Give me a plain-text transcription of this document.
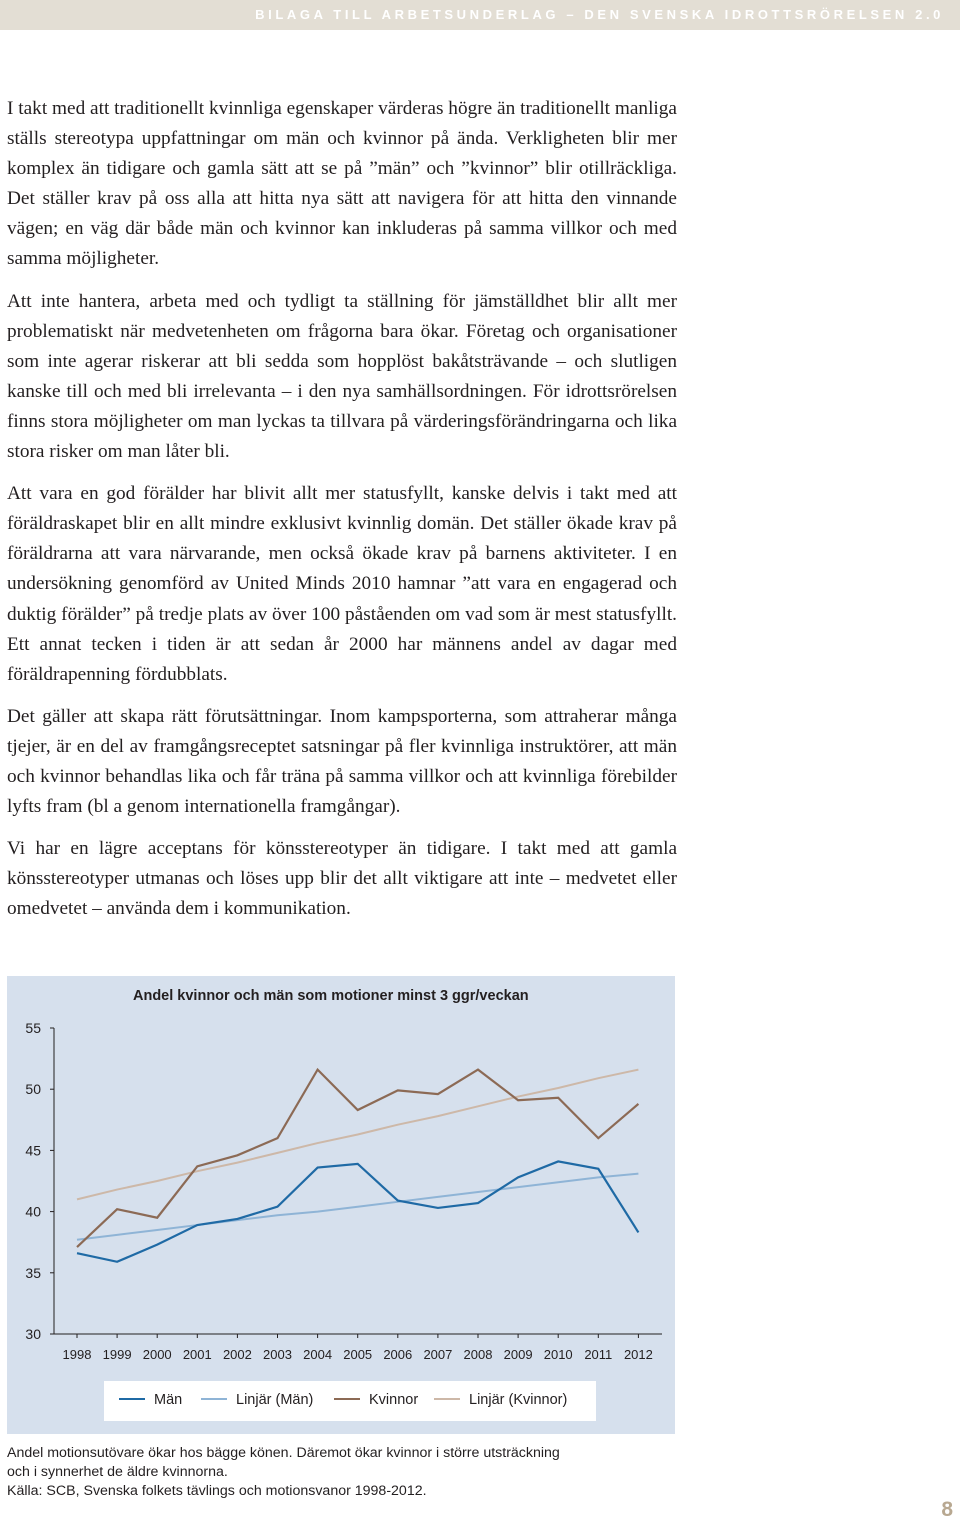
BILAGA TILL ARBETSUNDERLAG – DEN SVENSKA IDROTTSRÖRELSEN 2.0

I takt med att traditionellt kvinnliga egenskaper värderas högre än traditionellt manliga ställs stereotypa uppfattningar om män och kvinnor på ända. Verkligheten blir mer komplex än tidigare och gamla sätt att se på ”män” och ”kvinnor” blir otillräckliga. Det ställer krav på oss alla att hitta nya sätt att navigera för att hitta den vinnande vägen; en väg där både män och kvinnor kan inkluderas på samma villkor och med samma möjligheter.

Att inte hantera, arbeta med och tydligt ta ställning för jämställdhet blir allt mer problematiskt när medvetenheten om frågorna bara ökar. Företag och organisationer som inte agerar riskerar att bli sedda som hopplöst bakåtsträvande – och slutligen kanske till och med bli irrelevanta – i den nya samhällsordningen. För idrottsrörelsen finns stora möjligheter om man lyckas ta tillvara på värderingsförändringarna och lika stora risker om man låter bli.

Att vara en god förälder har blivit allt mer statusfyllt, kanske delvis i takt med att föräldraskapet blir en allt mindre exklusivt kvinnlig domän. Det ställer ökade krav på föräldrarna att vara närvarande, men också ökade krav på barnens aktiviteter. I en undersökning genomförd av United Minds 2010 hamnar ”att vara en engagerad och duktig förälder” på tredje plats av över 100 påståenden om vad som är mest statusfyllt. Ett annat tecken i tiden är att sedan år 2000 har männens andel av dagar med föräldrapenning fördubblats.

Det gäller att skapa rätt förutsättningar. Inom kampsporterna, som attraherar många tjejer, är en del av framgångsreceptet satsningar på fler kvinnliga instruktörer, att män och kvinnor behandlas lika och får träna på samma villkor och att kvinnliga förebilder lyfts fram (bl a genom internationella framgångar).

Vi har en lägre acceptans för könsstereotyper än tidigare. I takt med att gamla könsstereotyper utmanas och löses upp blir det allt viktigare att inte – medvetet eller omedvetet – använda dem i kommunikation.

30
35
40
45
50
55
1998 1999 2000 2001 2002 2003 2004 2005 2006 2007 2008 2009 2010 2011 2012
Andel kvinnor och män som motioner minst 3 ggr/veckan
Män	Linjär (Män)	Kvinnor	Linjär (Kvinnor)
Andel motionsutövare ökar hos bägge könen. Däremot ökar kvinnor i större utsträckning
och i synnerhet de äldre kvinnorna.
Källa: SCB, Svenska folkets tävlings och motionsvanor 1998-2012.
8
